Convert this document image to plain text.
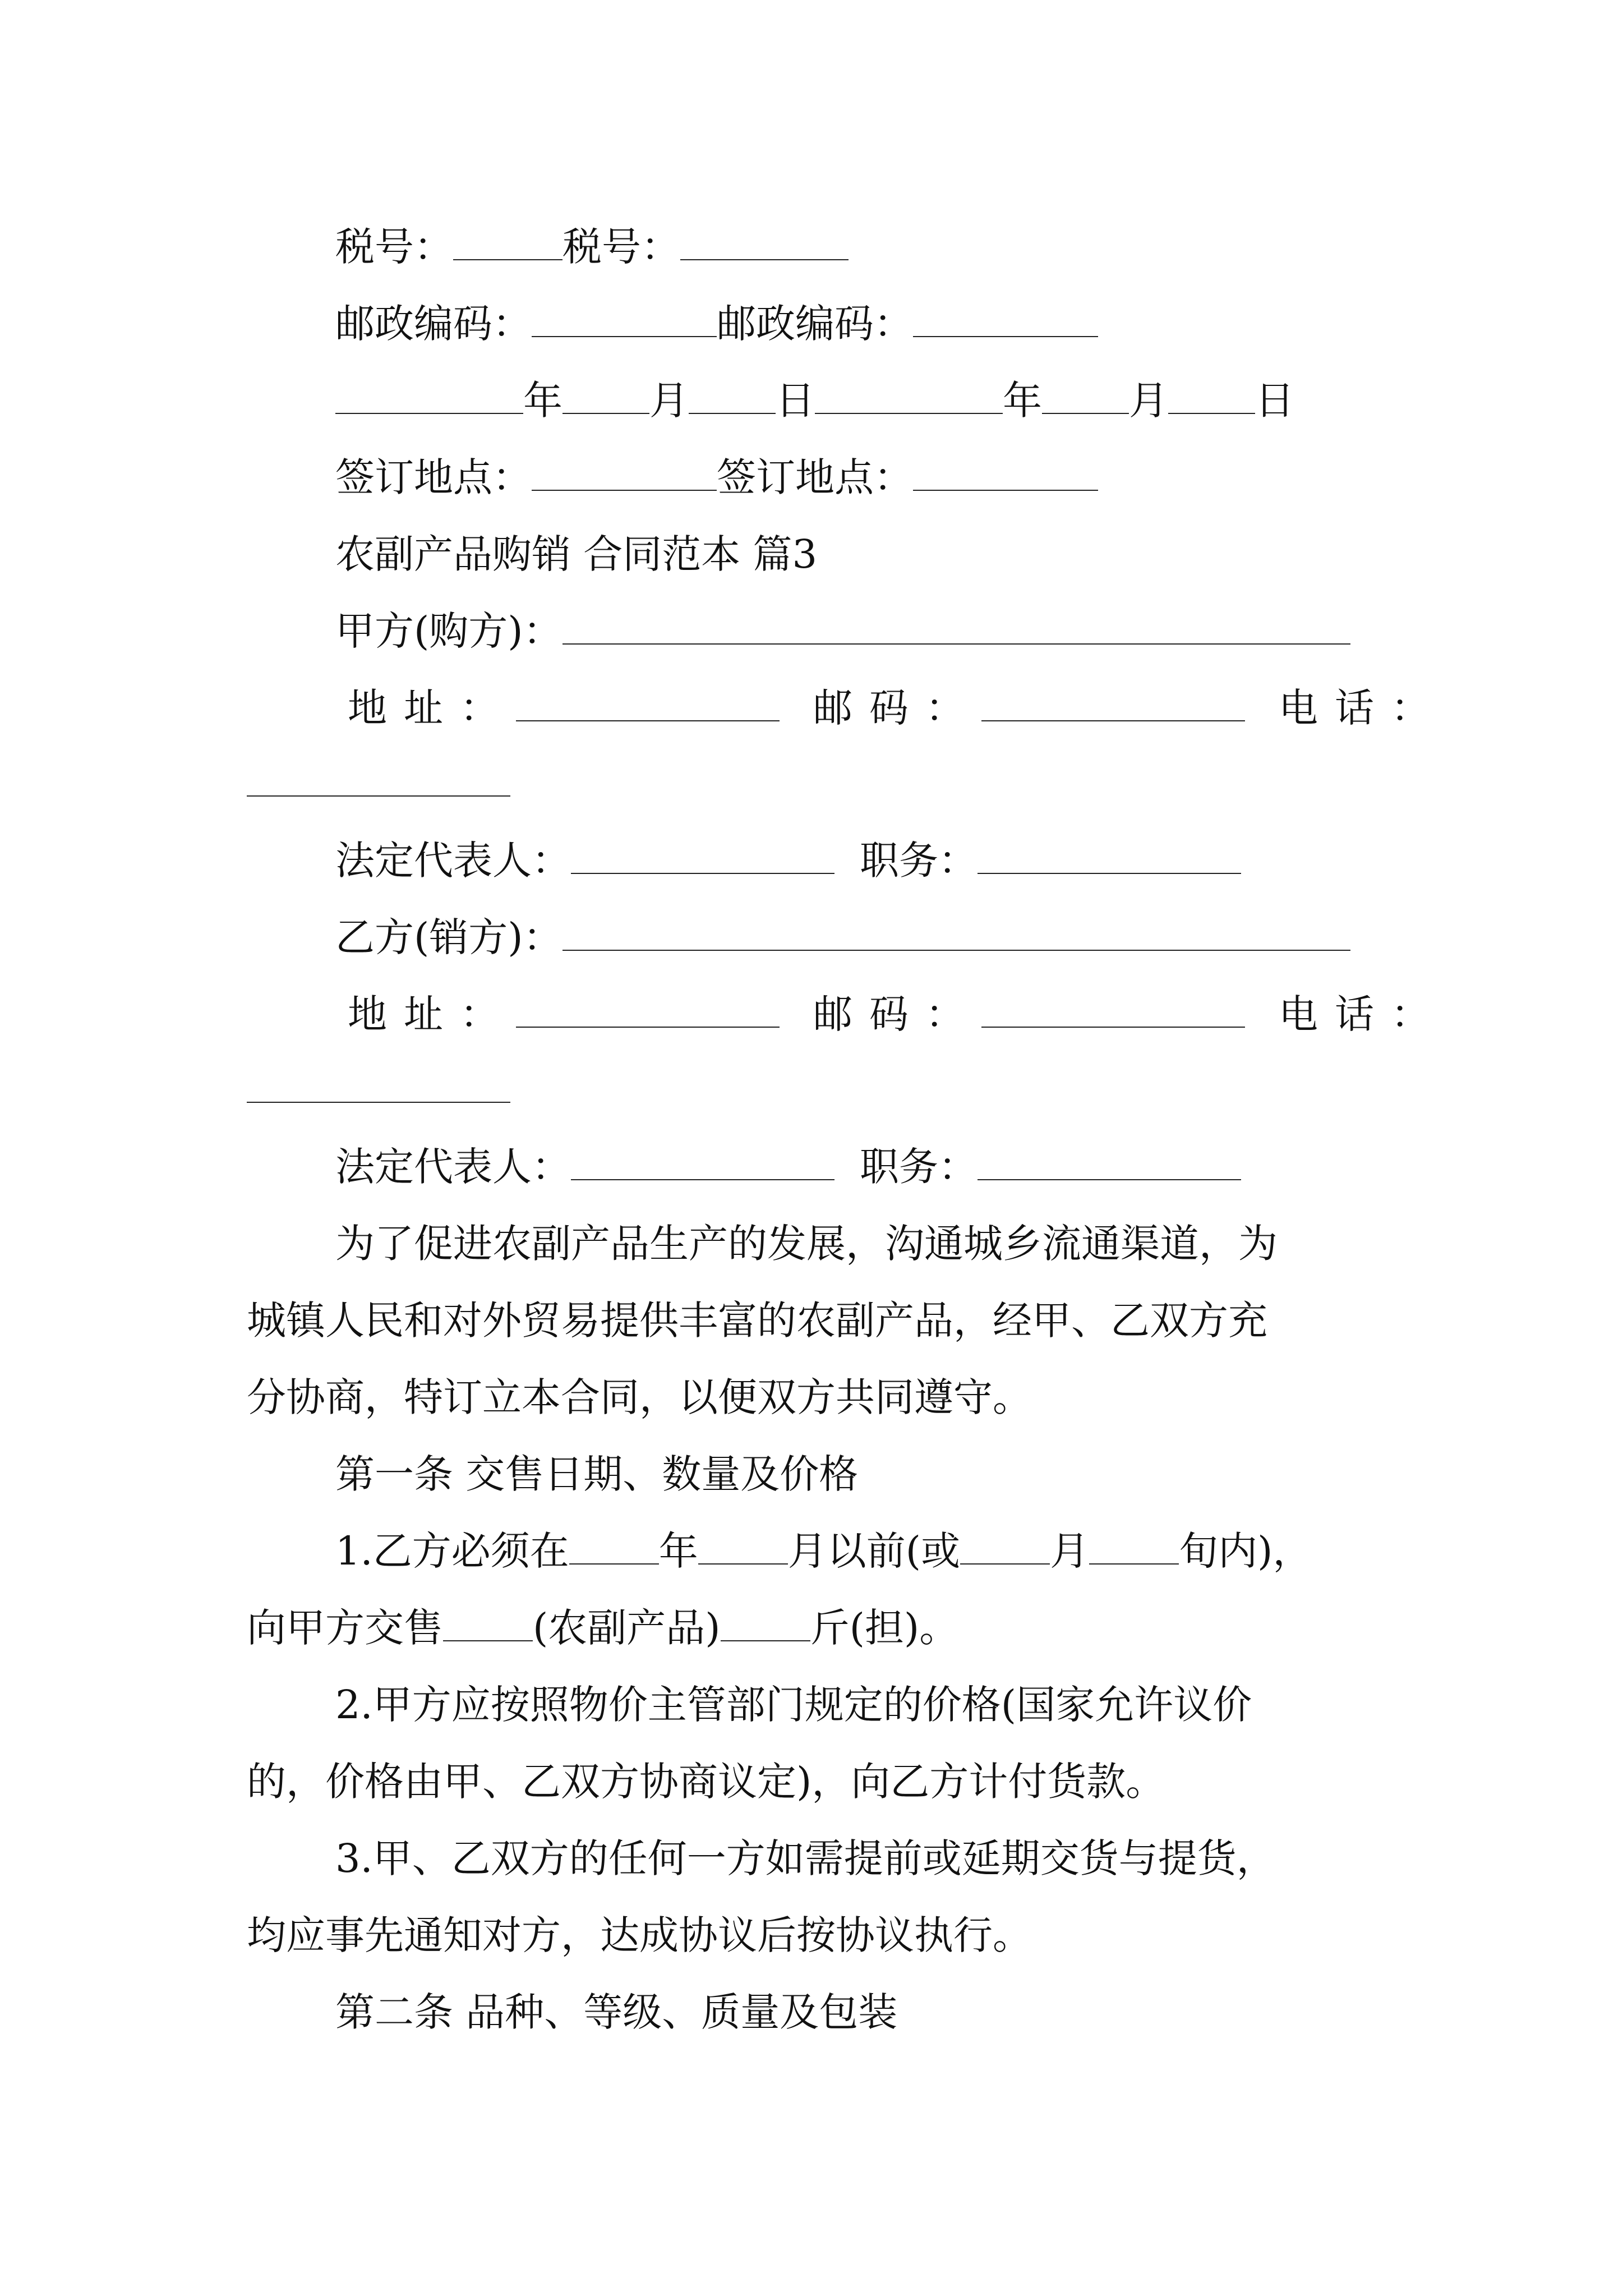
税号：	税号：
邮政编码：	邮政编码：
年 月 日	年 月 日
签订地点：	签订地点：
农副产品购销 合同范本 篇3
甲方(购方)：
地址：	邮码：	电话：
法定代表人：	职务：
乙方(销方)：
地址：	邮码：	电话：
法定代表人：	职务：
为了促进农副产品生产的发展，沟通城乡流通渠道，为
城镇人民和对外贸易提供丰富的农副产品，经甲、乙双方充
分协商，特订立本合同，以便双方共同遵守。
第一条 交售日期、数量及价格
1.乙方必须在 年 月以前(或 月 旬内)，
向甲方交售 (农副产品) 斤(担)。
2.甲方应按照物价主管部门规定的价格(国家允许议价
的，价格由甲、乙双方协商议定)，向乙方计付货款。
3.甲、乙双方的任何一方如需提前或延期交货与提货，
均应事先通知对方，达成协议后按协议执行。
第二条 品种、等级、质量及包装
